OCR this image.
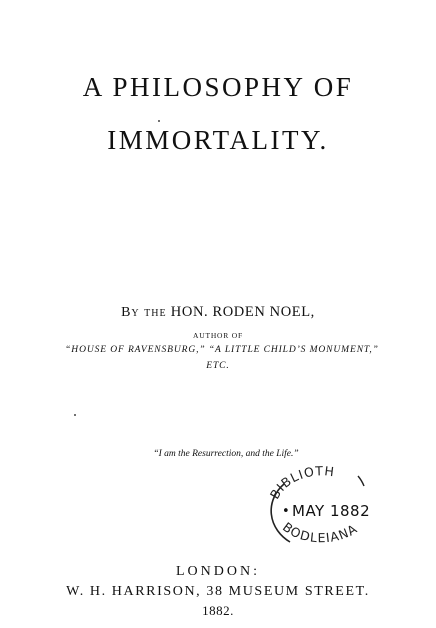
A PHILOSOPHY OF
IMMORTALITY.
By the HON. RODEN NOEL,
AUTHOR OF
“HOUSE OF RAVENSBURG,” “A LITTLE CHILD’S MONUMENT,”
ETC.
“I am the Resurrection, and the Life.”
BIBLIOTH
• MAY 1882
BODLEIANA
LONDON:
W. H. HARRISON, 38 MUSEUM STREET.
1882.
